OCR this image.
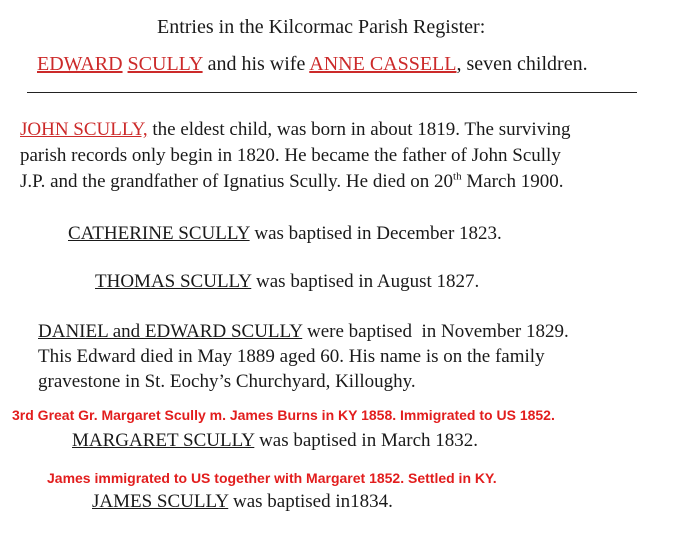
Entries in the Kilcormac Parish Register:
EDWARD SCULLY and his wife ANNE CASSELL, seven children.
JOHN SCULLY, the eldest child, was born in about 1819. The surviving
parish records only begin in 1820. He became the father of John Scully
J.P. and the grandfather of Ignatius Scully. He died on 20th March 1900.
CATHERINE SCULLY was baptised in December 1823.
THOMAS SCULLY was baptised in August 1827.
DANIEL and EDWARD SCULLY were baptised  in November 1829.
This Edward died in May 1889 aged 60. His name is on the family
gravestone in St. Eochy’s Churchyard, Killoughy.
3rd Great Gr. Margaret Scully m. James Burns in KY 1858. Immigrated to US 1852.
MARGARET SCULLY was baptised in March 1832.
James immigrated to US together with Margaret 1852. Settled in KY.
JAMES SCULLY was baptised in1834.
